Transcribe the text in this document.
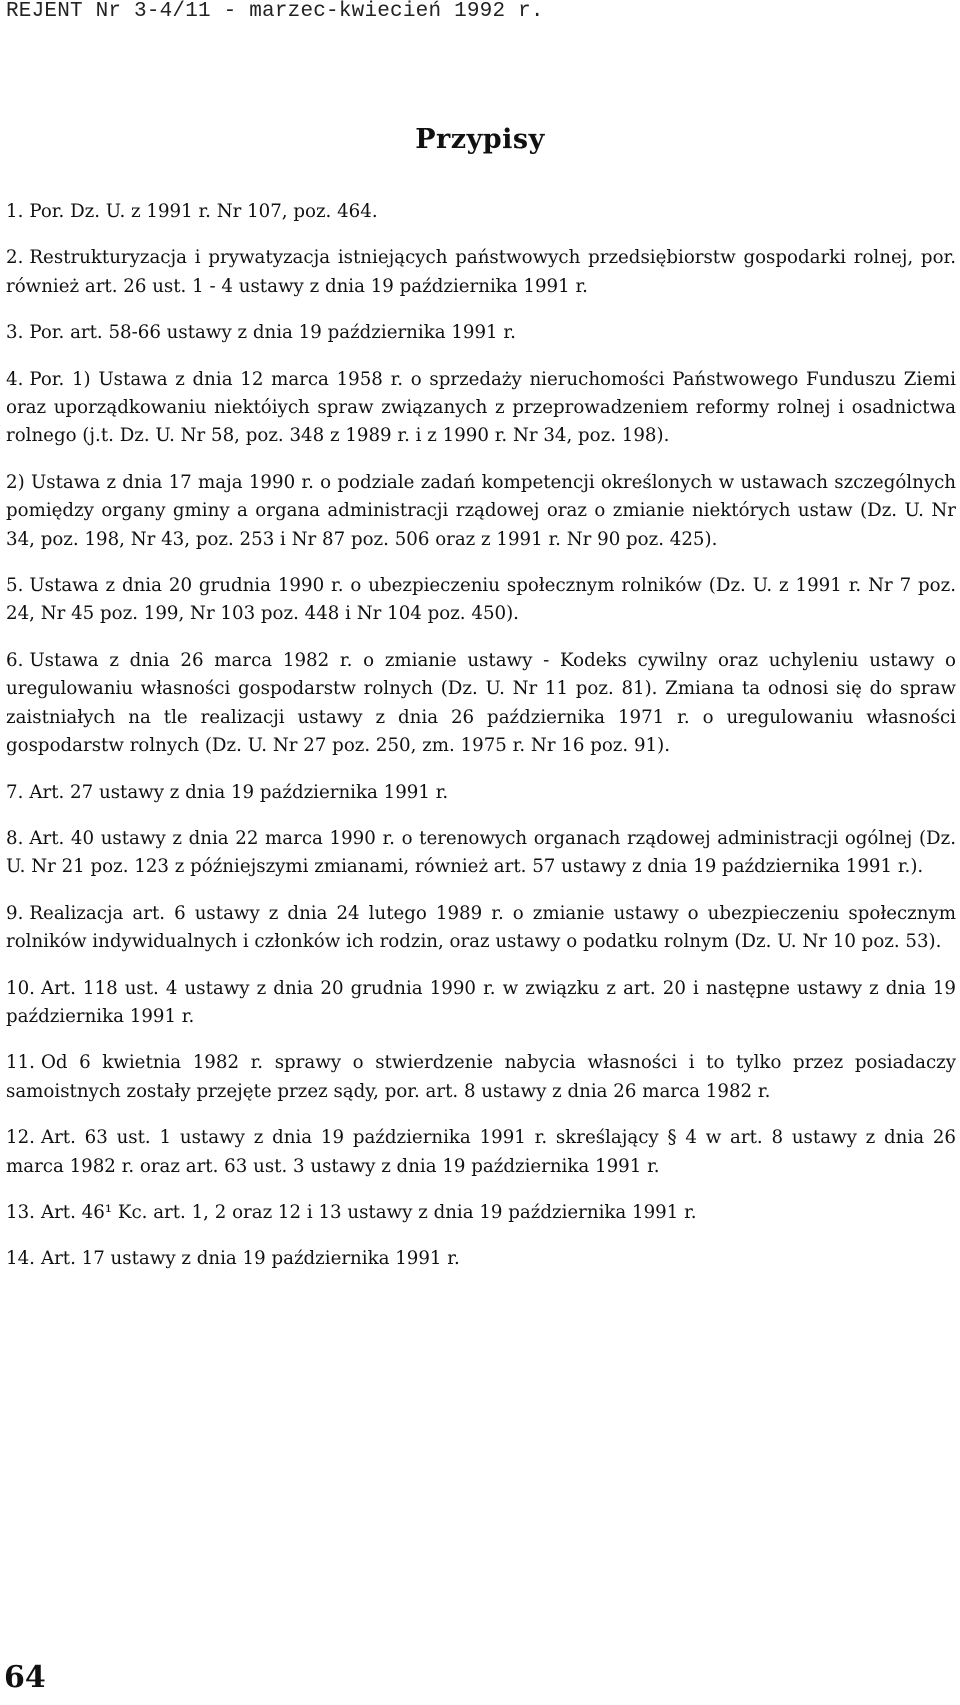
REJENT Nr 3-4/11 - marzec-kwiecień 1992 r.
Przypisy
1. Por. Dz. U. z 1991 r. Nr 107, poz. 464.
2. Restrukturyzacja i prywatyzacja istniejących państwowych przedsiębiorstw gospodarki rolnej, por. również art. 26 ust. 1 - 4 ustawy z dnia 19 października 1991 r.
3. Por. art. 58-66 ustawy z dnia 19 października 1991 r.
4. Por. 1) Ustawa z dnia 12 marca 1958 r. o sprzedaży nieruchomości Państwowego Funduszu Ziemi oraz uporządkowaniu niektóiych spraw związanych z przeprowadzeniem reformy rolnej i osadnictwa rolnego (j.t. Dz. U. Nr 58, poz. 348 z 1989 r. i z 1990 r. Nr 34, poz. 198).
2) Ustawa z dnia 17 maja 1990 r. o podziale zadań kompetencji określonych w ustawach szczególnych pomiędzy organy gminy a organa administracji rządowej oraz o zmianie niektórych ustaw (Dz. U. Nr 34, poz. 198, Nr 43, poz. 253 i Nr 87 poz. 506 oraz z 1991 r. Nr 90 poz. 425).
5. Ustawa z dnia 20 grudnia 1990 r. o ubezpieczeniu społecznym rolników (Dz. U. z 1991 r. Nr 7 poz. 24, Nr 45 poz. 199, Nr 103 poz. 448 i Nr 104 poz. 450).
6. Ustawa z dnia 26 marca 1982 r. o zmianie ustawy - Kodeks cywilny oraz uchyleniu ustawy o uregulowaniu własności gospodarstw rolnych (Dz. U. Nr 11 poz. 81). Zmiana ta odnosi się do spraw zaistniałych na tle realizacji ustawy z dnia 26 października 1971 r. o uregulowaniu własności gospodarstw rolnych (Dz. U. Nr 27 poz. 250, zm. 1975 r. Nr 16 poz. 91).
7. Art. 27 ustawy z dnia 19 października 1991 r.
8. Art. 40 ustawy z dnia 22 marca 1990 r. o terenowych organach rządowej administracji ogólnej (Dz. U. Nr 21 poz. 123 z późniejszymi zmianami, również art. 57 ustawy z dnia 19 października 1991 r.).
9. Realizacja art. 6 ustawy z dnia 24 lutego 1989 r. o zmianie ustawy o ubezpieczeniu społecznym rolników indywidualnych i członków ich rodzin, oraz ustawy o podatku rolnym (Dz. U. Nr 10 poz. 53).
10. Art. 118 ust. 4 ustawy z dnia 20 grudnia 1990 r. w związku z art. 20 i następne ustawy z dnia 19 października 1991 r.
11. Od 6 kwietnia 1982 r. sprawy o stwierdzenie nabycia własności i to tylko przez posiadaczy samoistnych zostały przejęte przez sądy, por. art. 8 ustawy z dnia 26 marca 1982 r.
12. Art. 63 ust. 1 ustawy z dnia 19 października 1991 r. skreślający § 4 w art. 8 ustawy z dnia 26 marca 1982 r. oraz art. 63 ust. 3 ustawy z dnia 19 października 1991 r.
13. Art. 46¹ Kc. art. 1, 2 oraz 12 i 13 ustawy z dnia 19 października 1991 r.
14. Art. 17 ustawy z dnia 19 października 1991 r.
64
